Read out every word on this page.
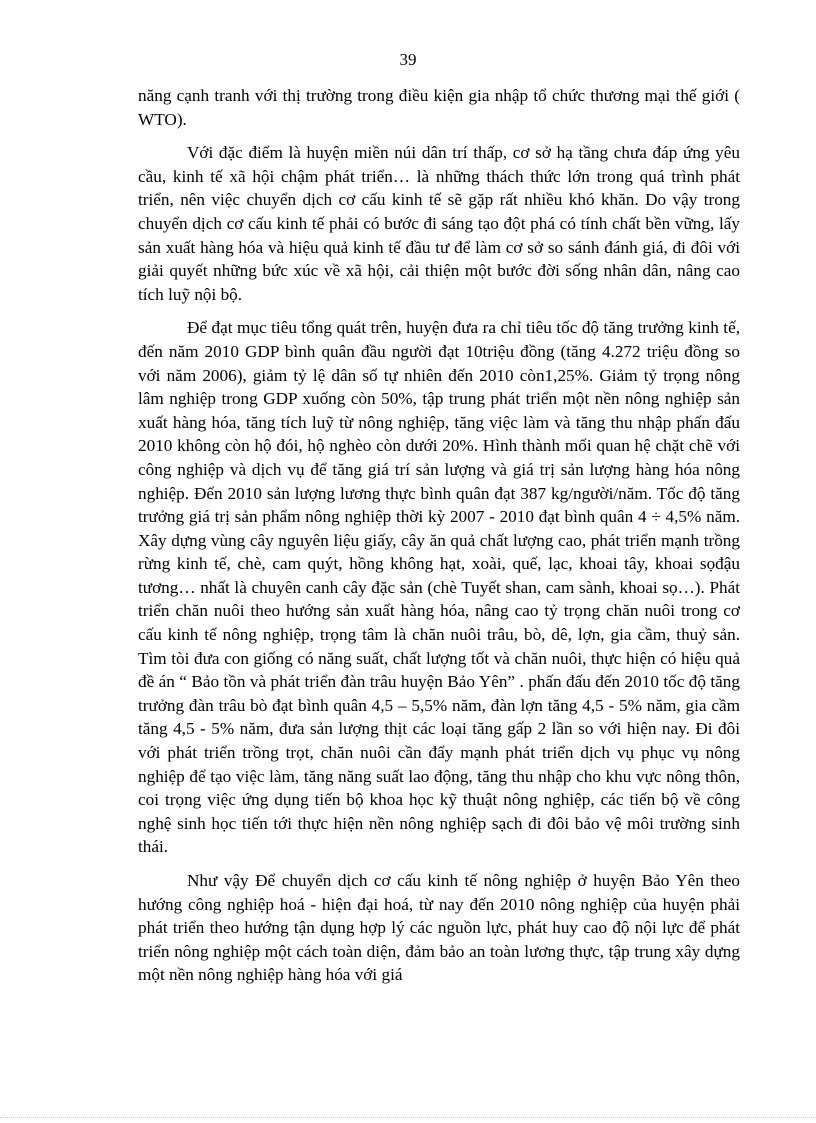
39

năng cạnh tranh với thị trường trong điều kiện gia nhập tổ chức thương mại thế giới ( WTO).

Với đặc điểm là huyện miền núi dân trí thấp, cơ sở hạ tầng chưa đáp ứng yêu cầu, kinh tế xã hội chậm phát triển… là những thách thức lớn trong quá trình phát triển, nên việc chuyển dịch cơ cấu kinh tế sẽ gặp rất nhiều khó khăn. Do vậy trong chuyển dịch cơ cấu kinh tế phải có bước đi sáng tạo đột phá có tính chất bền vững, lấy sản xuất hàng hóa và hiệu quả kinh tế đầu tư để làm cơ sở so sánh đánh giá, đi đôi với giải quyết những bức xúc về xã hội, cải thiện một bước đời sống nhân dân, nâng cao tích luỹ nội bộ.

Để đạt mục tiêu tổng quát trên, huyện đưa ra chỉ tiêu tốc độ tăng trưởng kinh tế, đến năm 2010 GDP bình quân đầu người đạt 10triệu đồng (tăng 4.272 triệu đồng so với năm 2006), giảm tỷ lệ dân số tự nhiên đến 2010 còn1,25%. Giảm tỷ trọng nông lâm nghiệp trong GDP xuống còn 50%, tập trung phát triển một nền nông nghiệp sản xuất hàng hóa, tăng tích luỹ từ nông nghiệp, tăng việc làm và tăng thu nhập phấn đấu 2010 không còn hộ đói, hộ nghèo còn dưới 20%. Hình thành mối quan hệ chặt chẽ với công nghiệp và dịch vụ để tăng giá trí sản lượng và giá trị sản lượng hàng hóa nông nghiệp. Đến 2010 sản lượng lương thực bình quân đạt 387 kg/người/năm. Tốc độ tăng trưởng giá trị sản phẩm nông nghiệp thời kỳ 2007 - 2010 đạt bình quân 4 ÷ 4,5% năm. Xây dựng vùng cây nguyên liệu giấy, cây ăn quả chất lượng cao, phát triển mạnh trồng rừng kinh tế, chè, cam quýt, hồng không hạt, xoài, quế, lạc, khoai tây, khoai sọđậu tương… nhất là chuyên canh cây đặc sản (chè Tuyết shan, cam sành, khoai sọ…). Phát triển chăn nuôi theo hướng sản xuất hàng hóa, nâng cao tỷ trọng chăn nuôi trong cơ cấu kinh tế nông nghiệp, trọng tâm là chăn nuôi trâu, bò, dê, lợn, gia cầm, thuỷ sản. Tìm tòi đưa con giống có năng suất, chất lượng tốt và chăn nuôi, thực hiện có hiệu quả đề án “ Bảo tồn và phát triển đàn trâu huyện Bảo Yên” . phấn đấu đến 2010 tốc độ tăng trưởng đàn trâu bò đạt bình quân 4,5 – 5,5% năm, đàn lợn tăng 4,5 - 5% năm, gia cầm tăng 4,5 - 5% năm, đưa sản lượng thịt các loại tăng gấp 2 lần so với hiện nay. Đi đôi với phát triển trồng trọt, chăn nuôi cần đẩy mạnh phát triển dịch vụ phục vụ nông nghiệp để tạo việc làm, tăng năng suất lao động, tăng thu nhập cho khu vực nông thôn, coi trọng việc ứng dụng tiến bộ khoa học kỹ thuật nông nghiệp, các tiến bộ về công nghệ sinh học tiến tới thực hiện nền nông nghiệp sạch đi đôi bảo vệ môi trường sinh thái.

Như vậy Để chuyển dịch cơ cấu kinh tế nông nghiệp ở huyện Bảo Yên theo hướng công nghiệp hoá - hiện đại hoá, từ nay đến 2010 nông nghiệp của huyện phải phát triển theo hướng tận dụng hợp lý các nguồn lực, phát huy cao độ nội lực để phát triển nông nghiệp một cách toàn diện, đảm bảo an toàn lương thực, tập trung xây dựng một nền nông nghiệp hàng hóa với giá
